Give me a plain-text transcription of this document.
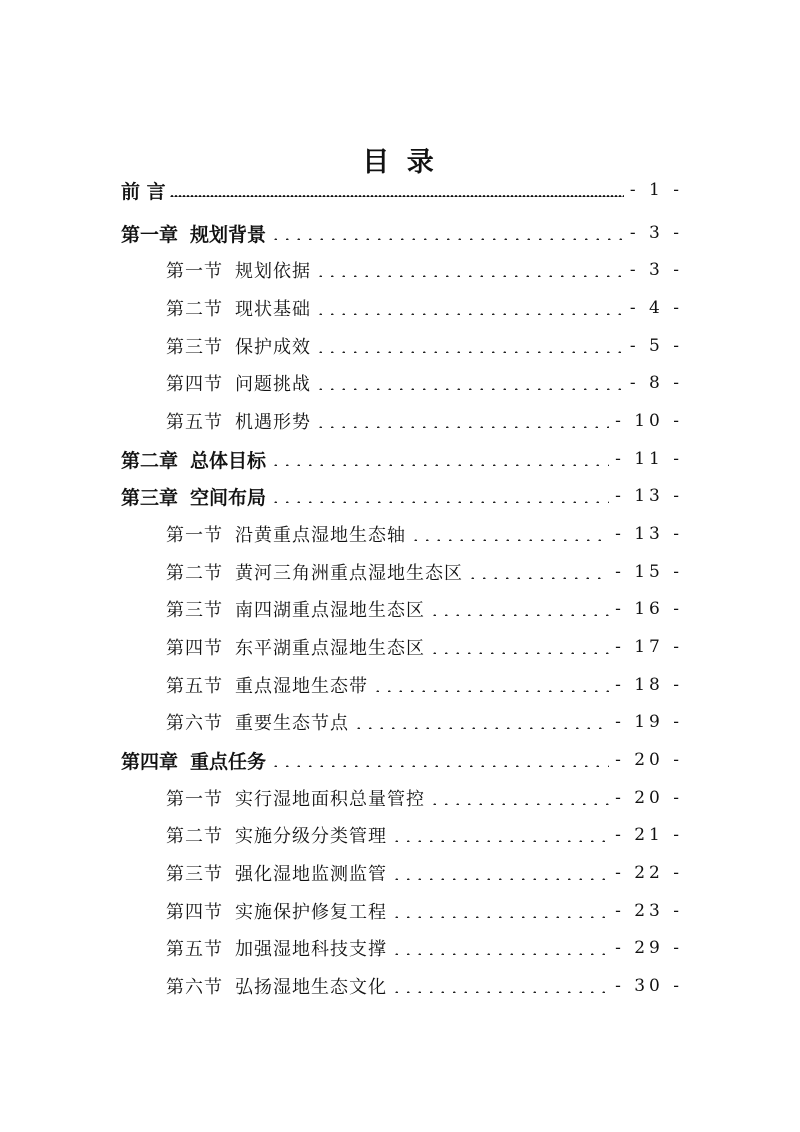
目 录
前 言	- 1 -
第一章 规划背景	- 3 -
第一节 规划依据	- 3 -
第二节 现状基础	- 4 -
第三节 保护成效	- 5 -
第四节 问题挑战	- 8 -
第五节 机遇形势	- 10 -
第二章 总体目标	- 11 -
第三章 空间布局	- 13 -
第一节 沿黄重点湿地生态轴	- 13 -
第二节 黄河三角洲重点湿地生态区	- 15 -
第三节 南四湖重点湿地生态区	- 16 -
第四节 东平湖重点湿地生态区	- 17 -
第五节 重点湿地生态带	- 18 -
第六节 重要生态节点	- 19 -
第四章 重点任务	- 20 -
第一节 实行湿地面积总量管控	- 20 -
第二节 实施分级分类管理	- 21 -
第三节 强化湿地监测监管	- 22 -
第四节 实施保护修复工程	- 23 -
第五节 加强湿地科技支撑	- 29 -
第六节 弘扬湿地生态文化	- 30 -
